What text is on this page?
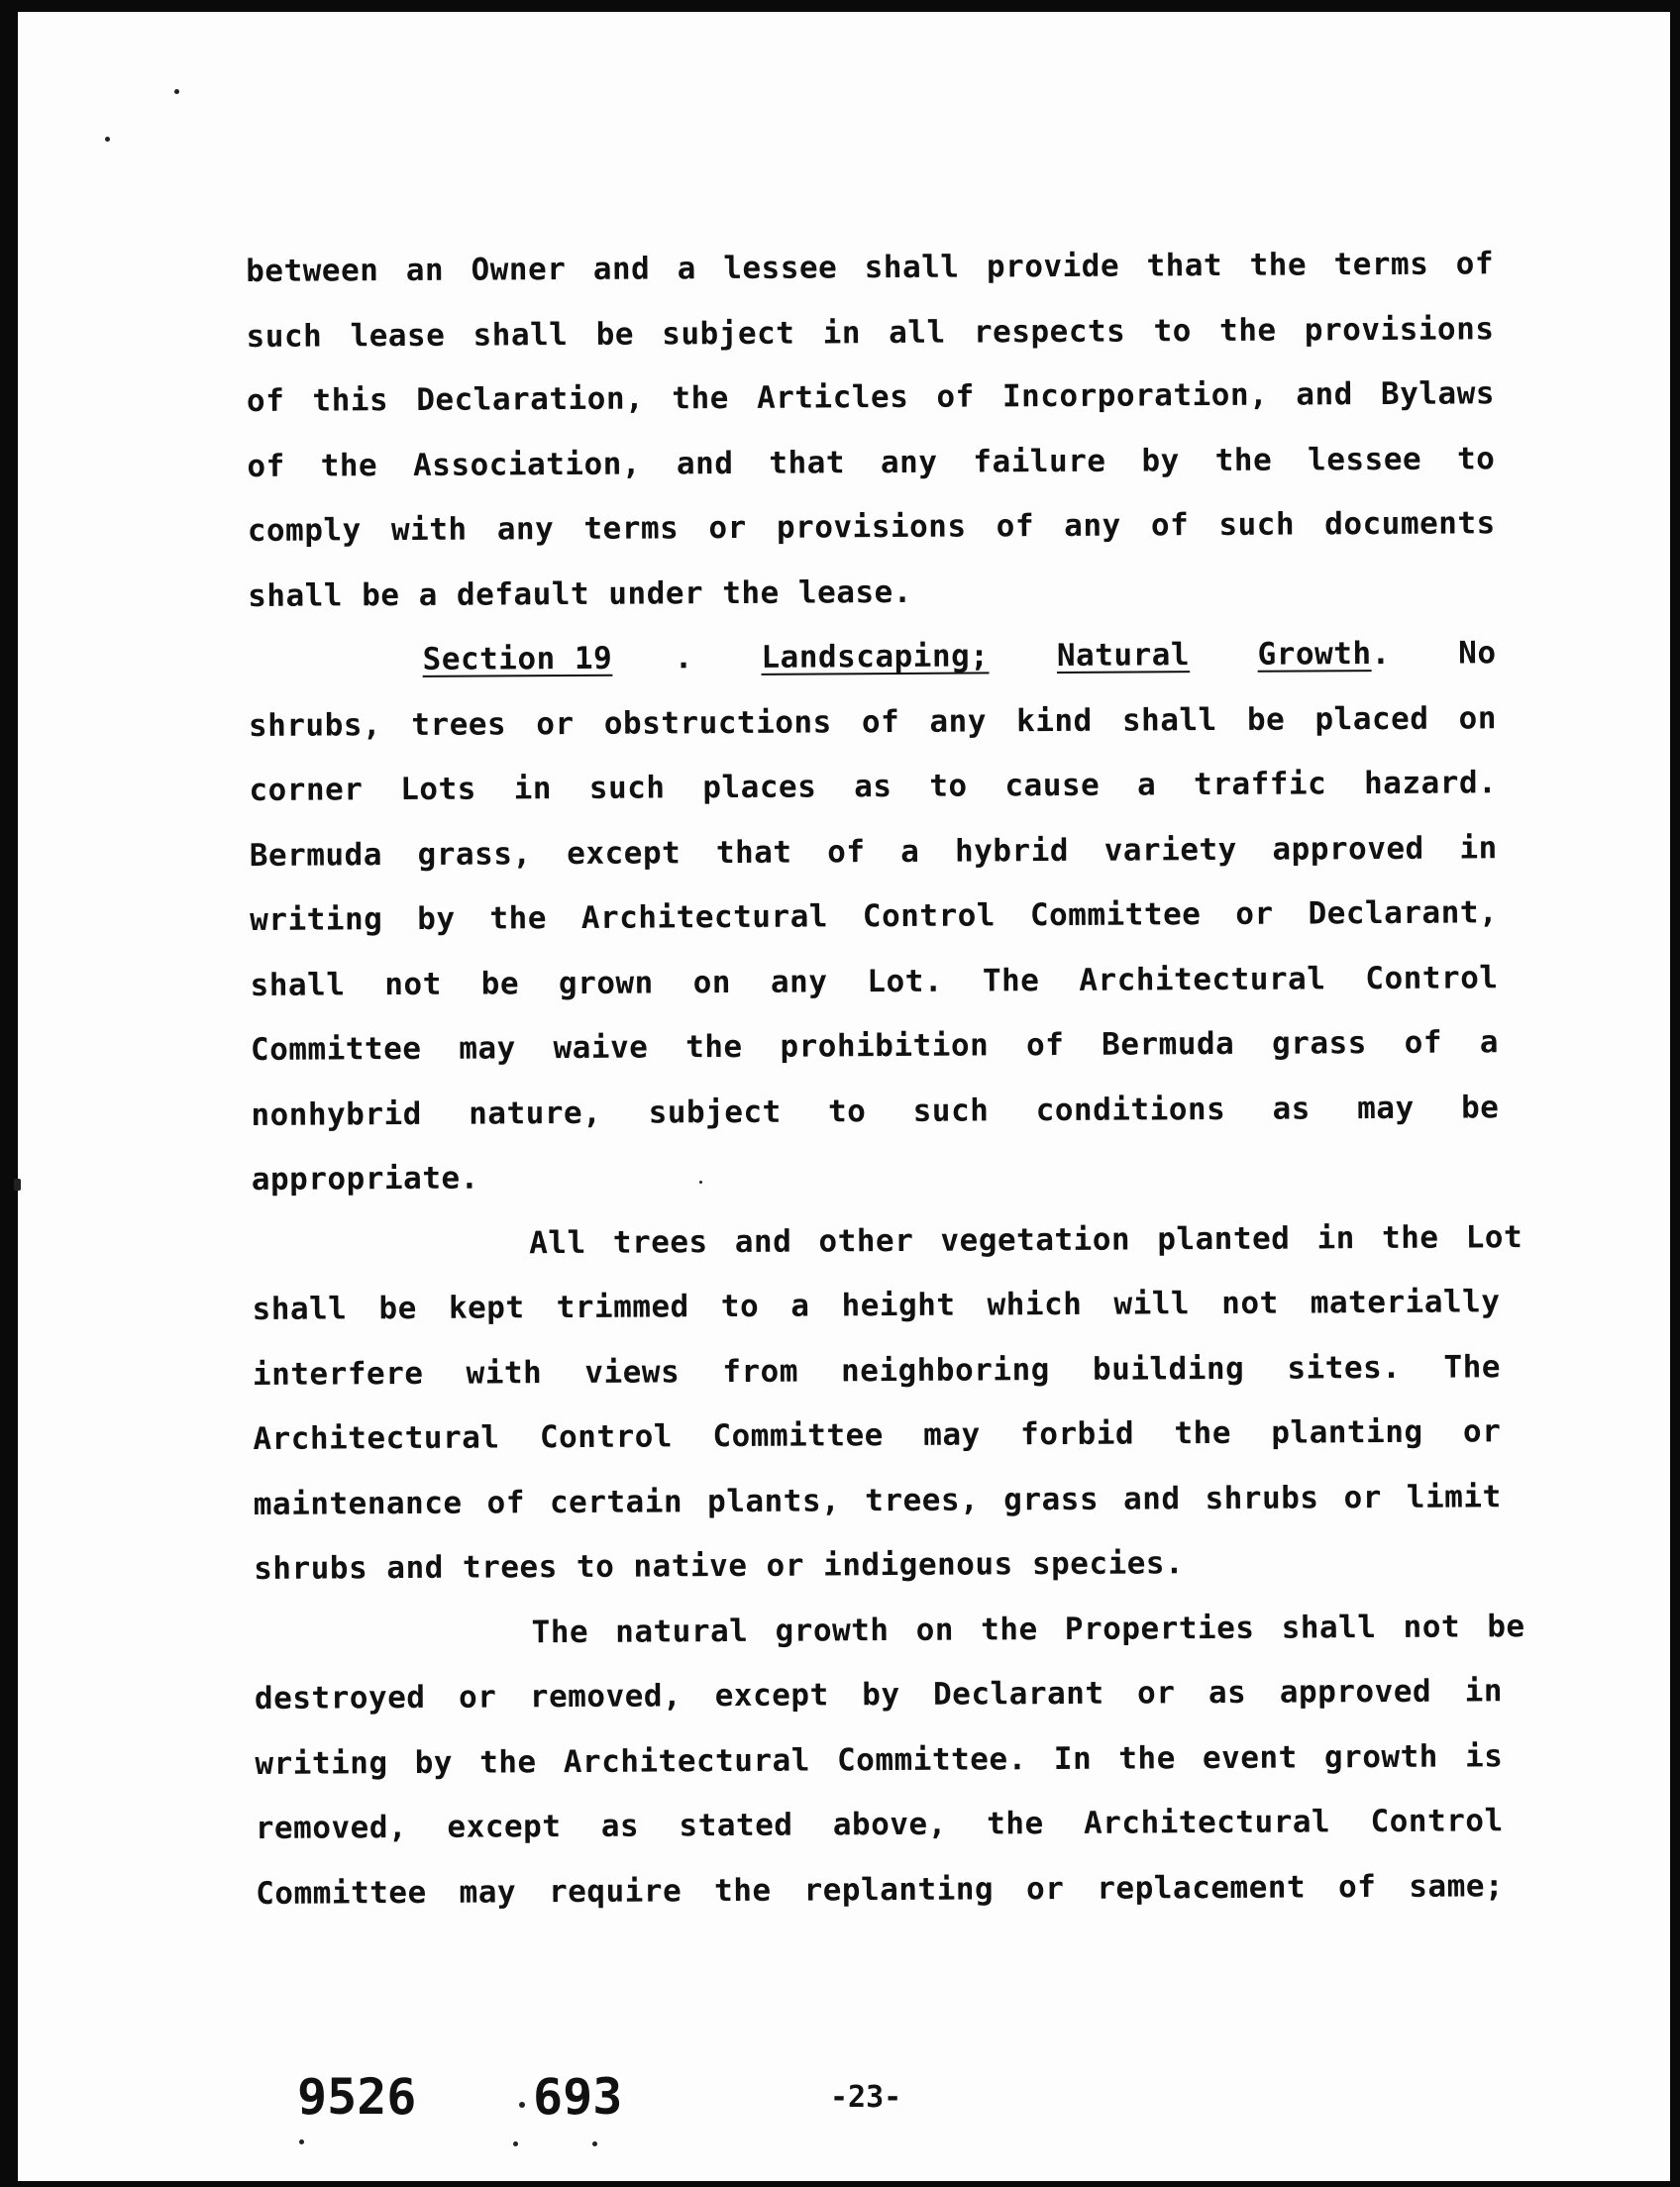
between an Owner and a lessee shall provide that the terms of
such lease shall be subject in all respects to the provisions
of this Declaration, the Articles of Incorporation, and Bylaws
of the Association, and that any failure by the lessee to
comply with any terms or provisions of any of such documents
shall be a default under the lease.
Section 19 . Landscaping; Natural Growth. No
shrubs, trees or obstructions of any kind shall be placed on
corner Lots in such places as to cause a traffic hazard.
Bermuda grass, except that of a hybrid variety approved in
writing by the Architectural Control Committee or Declarant,
shall not be grown on any Lot. The Architectural Control
Committee may waive the prohibition of Bermuda grass of a
nonhybrid nature, subject to such conditions as may be
appropriate.
All trees and other vegetation planted in the Lot
shall be kept trimmed to a height which will not materially
interfere with views from neighboring building sites. The
Architectural Control Committee may forbid the planting or
maintenance of certain plants, trees, grass and shrubs or limit
shrubs and trees to native or indigenous species.
The natural growth on the Properties shall not be
destroyed or removed, except by Declarant or as approved in
writing by the Architectural Committee. In the event growth is
removed, except as stated above, the Architectural Control
Committee may require the replanting or replacement of same;
9526 693	-23-
